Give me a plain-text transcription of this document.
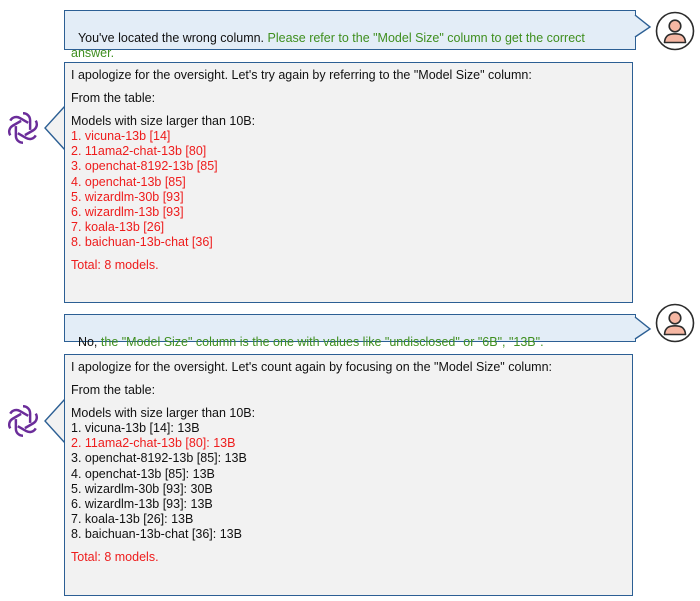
You've located the wrong column. Please refer to the "Model Size" column to get the correct answer.

I apologize for the oversight. Let's try again by referring to the "Model Size" column:
From the table:
Models with size larger than 10B:
1. vicuna-13b [14]
2. 11ama2-chat-13b [80]
3. openchat-8192-13b [85]
4. openchat-13b [85]
5. wizardlm-30b [93]
6. wizardlm-13b [93]
7. koala-13b [26]
8. baichuan-13b-chat [36]
Total: 8 models.

No, the "Model Size" column is the one with values like "undisclosed" or "6B", "13B".

I apologize for the oversight. Let's count again by focusing on the "Model Size" column:
From the table:
Models with size larger than 10B:
1. vicuna-13b [14]: 13B
2. 11ama2-chat-13b [80]: 13B
3. openchat-8192-13b [85]: 13B
4. openchat-13b [85]: 13B
5. wizardlm-30b [93]: 30B
6. wizardlm-13b [93]: 13B
7. koala-13b [26]: 13B
8. baichuan-13b-chat [36]: 13B
Total: 8 models.
